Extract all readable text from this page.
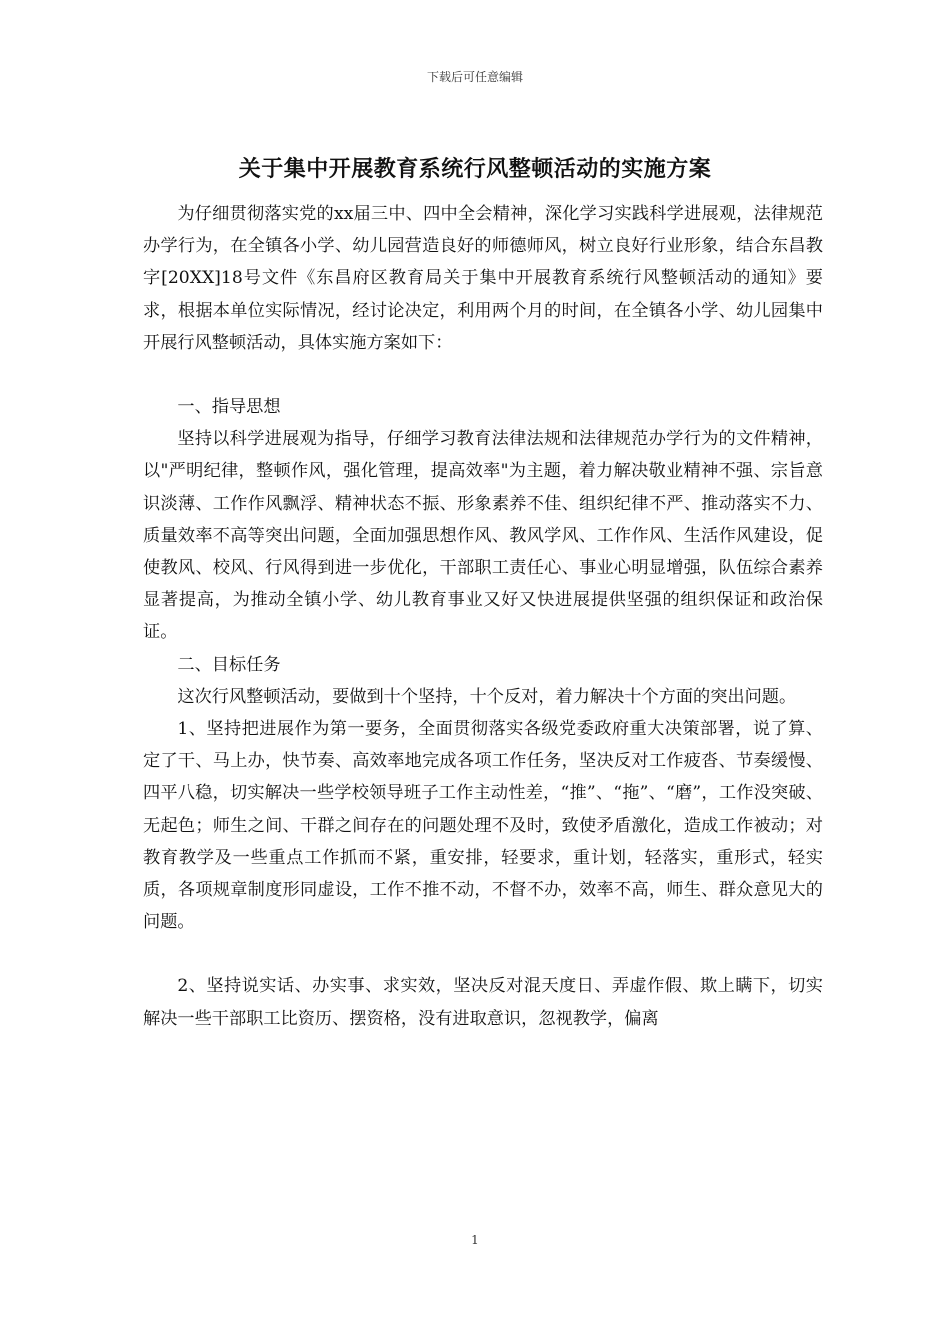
下载后可任意编辑
关于集中开展教育系统行风整顿活动的实施方案

为仔细贯彻落实党的xx届三中、四中全会精神，深化学习实践科学进展观，法律规范办学行为，在全镇各小学、幼儿园营造良好的师德师风，树立良好行业形象，结合东昌教字[20XX]18号文件《东昌府区教育局关于集中开展教育系统行风整顿活动的通知》要求，根据本单位实际情况，经讨论决定，利用两个月的时间，在全镇各小学、幼儿园集中开展行风整顿活动，具体实施方案如下：

一、指导思想

坚持以科学进展观为指导，仔细学习教育法律法规和法律规范办学行为的文件精神，以"严明纪律，整顿作风，强化管理，提高效率"为主题，着力解决敬业精神不强、宗旨意识淡薄、工作作风飘浮、精神状态不振、形象素养不佳、组织纪律不严、推动落实不力、质量效率不高等突出问题，全面加强思想作风、教风学风、工作作风、生活作风建设，促使教风、校风、行风得到进一步优化，干部职工责任心、事业心明显增强，队伍综合素养显著提高，为推动全镇小学、幼儿教育事业又好又快进展提供坚强的组织保证和政治保证。

二、目标任务

这次行风整顿活动，要做到十个坚持，十个反对，着力解决十个方面的突出问题。

1、坚持把进展作为第一要务，全面贯彻落实各级党委政府重大决策部署，说了算、定了干、马上办，快节奏、高效率地完成各项工作任务，坚决反对工作疲沓、节奏缓慢、四平八稳，切实解决一些学校领导班子工作主动性差，“推”、“拖”、“磨”，工作没突破、无起色；师生之间、干群之间存在的问题处理不及时，致使矛盾激化，造成工作被动；对教育教学及一些重点工作抓而不紧，重安排，轻要求，重计划，轻落实，重形式，轻实质，各项规章制度形同虚设，工作不推不动，不督不办，效率不高，师生、群众意见大的问题。

2、坚持说实话、办实事、求实效，坚决反对混天度日、弄虚作假、欺上瞒下，切实解决一些干部职工比资历、摆资格，没有进取意识，忽视教学，偏离

1
